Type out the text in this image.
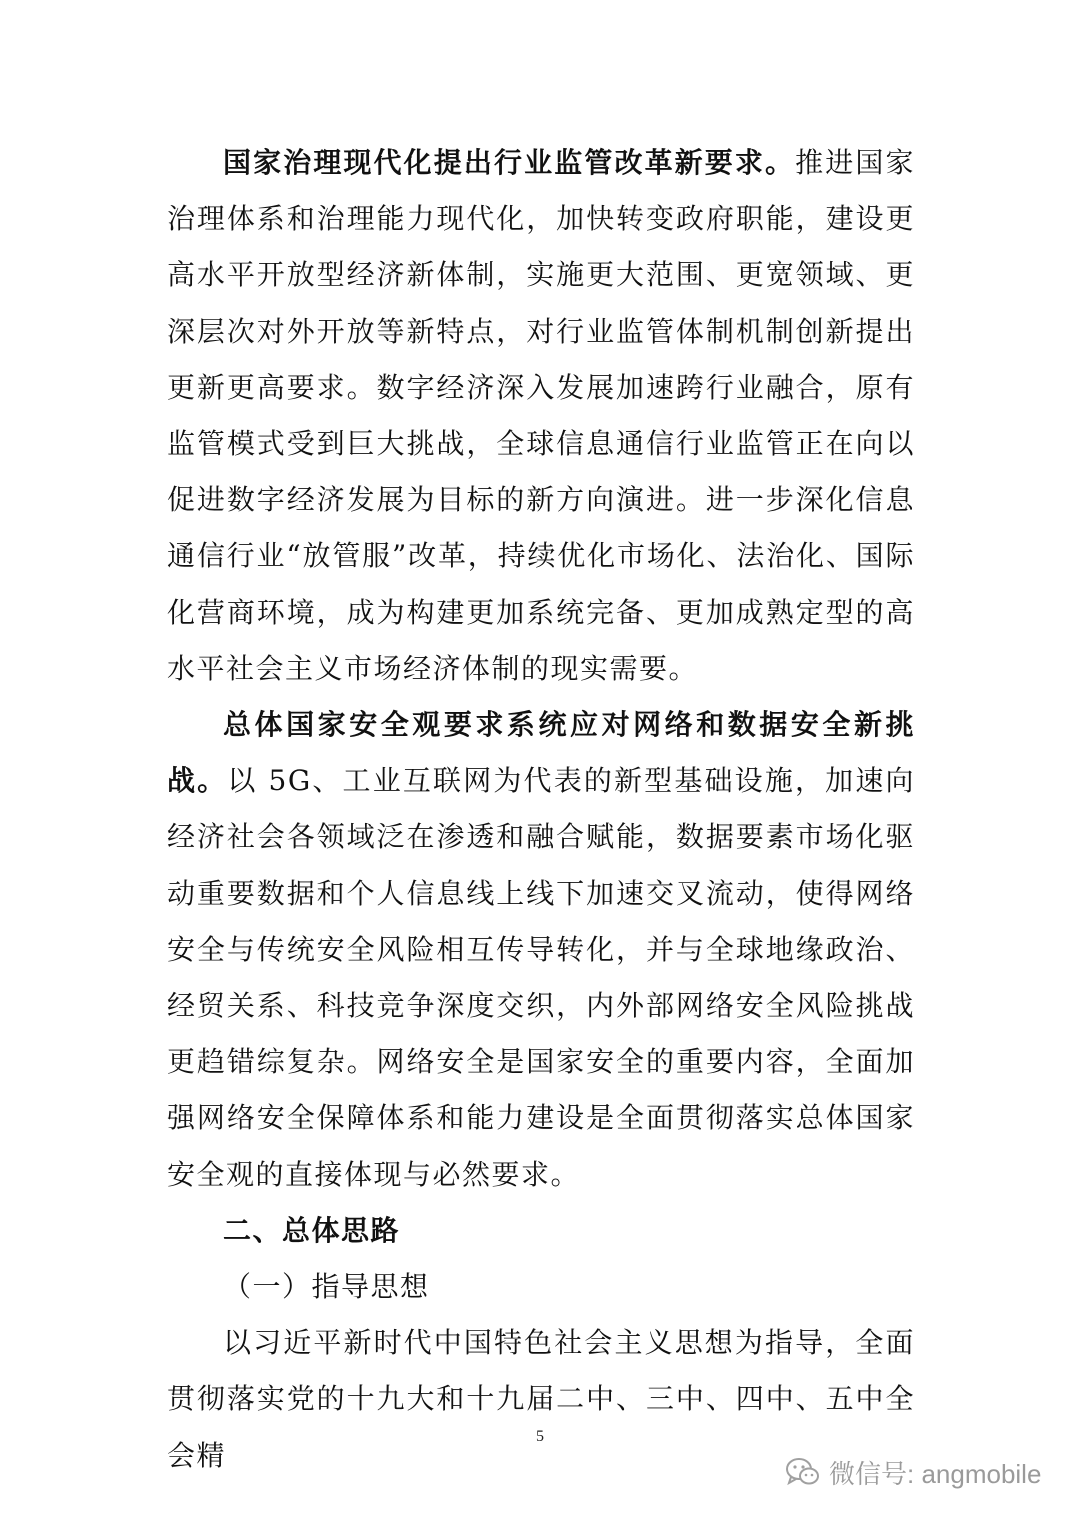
国家治理现代化提出行业监管改革新要求。推进国家治理体系和治理能力现代化，加快转变政府职能，建设更高水平开放型经济新体制，实施更大范围、更宽领域、更深层次对外开放等新特点，对行业监管体制机制创新提出更新更高要求。数字经济深入发展加速跨行业融合，原有监管模式受到巨大挑战，全球信息通信行业监管正在向以促进数字经济发展为目标的新方向演进。进一步深化信息通信行业“放管服”改革，持续优化市场化、法治化、国际化营商环境，成为构建更加系统完备、更加成熟定型的高水平社会主义市场经济体制的现实需要。

总体国家安全观要求系统应对网络和数据安全新挑战。以 5G、工业互联网为代表的新型基础设施，加速向经济社会各领域泛在渗透和融合赋能，数据要素市场化驱动重要数据和个人信息线上线下加速交叉流动，使得网络安全与传统安全风险相互传导转化，并与全球地缘政治、经贸关系、科技竞争深度交织，内外部网络安全风险挑战更趋错综复杂。网络安全是国家安全的重要内容，全面加强网络安全保障体系和能力建设是全面贯彻落实总体国家安全观的直接体现与必然要求。

二、总体思路

（一）指导思想

以习近平新时代中国特色社会主义思想为指导，全面贯彻落实党的十九大和十九届二中、三中、四中、五中全会精

5
微信号: angmobile
